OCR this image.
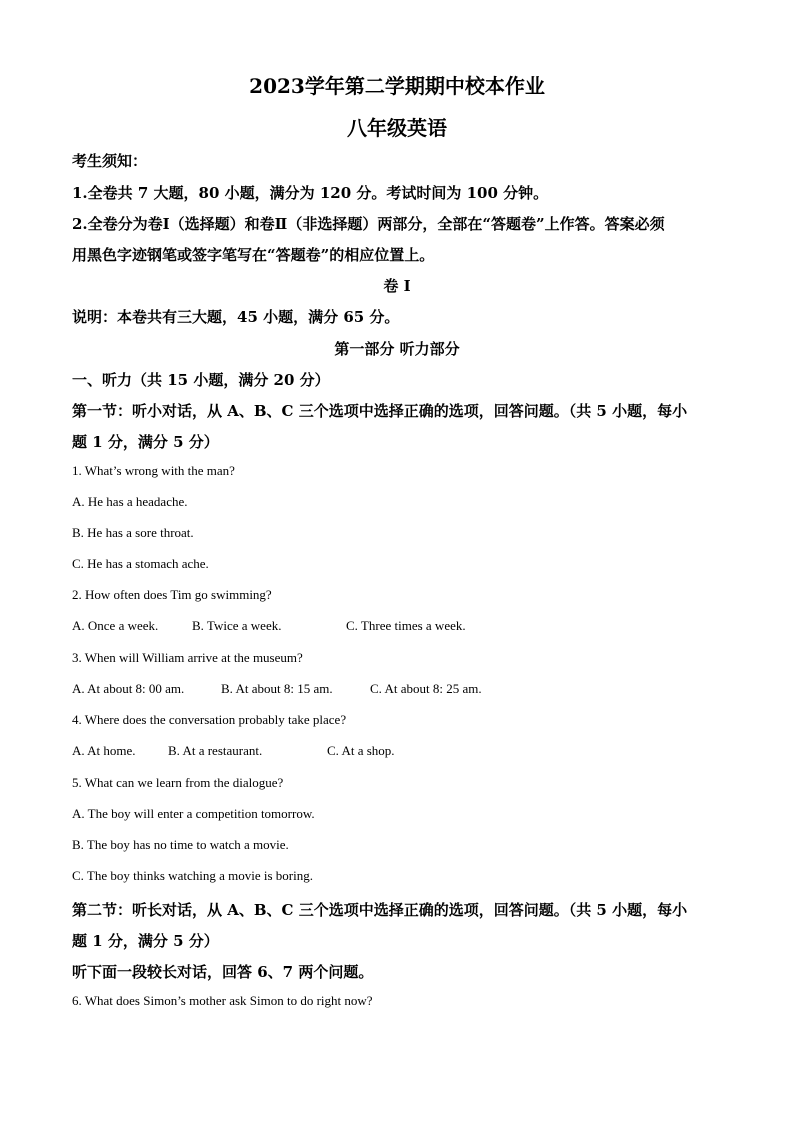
2023学年第二学期期中校本作业
八年级英语
考生须知：
1.全卷共 7 大题，80 小题，满分为 120 分。考试时间为 100 分钟。
2.全卷分为卷Ⅰ（选择题）和卷Ⅱ（非选择题）两部分，全部在“答题卷”上作答。答案必须
用黑色字迹钢笔或签字笔写在“答题卷”的相应位置上。
卷 I
说明：本卷共有三大题，45 小题，满分 65 分。
第一部分 听力部分
一、听力（共 15 小题，满分 20 分）
第一节：听小对话，从 A、B、C 三个选项中选择正确的选项，回答问题。（共 5 小题，每小
题 1 分，满分 5 分）
1. What’s wrong with the man?
A. He has a headache.
B. He has a sore throat.
C. He has a stomach ache.
2. How often does Tim go swimming?
A. Once a week.	B. Twice a week.	C. Three times a week.
3. When will William arrive at the museum?
A. At about 8: 00 am.	B. At about 8: 15 am.	C. At about 8: 25 am.
4. Where does the conversation probably take place?
A. At home. B. At a restaurant.	C. At a shop.
5. What can we learn from the dialogue?
A. The boy will enter a competition tomorrow.
B. The boy has no time to watch a movie.
C. The boy thinks watching a movie is boring.
第二节：听长对话，从 A、B、C 三个选项中选择正确的选项，回答问题。（共 5 小题，每小
题 1 分，满分 5 分）
听下面一段较长对话，回答 6、7 两个问题。
6. What does Simon’s mother ask Simon to do right now?
